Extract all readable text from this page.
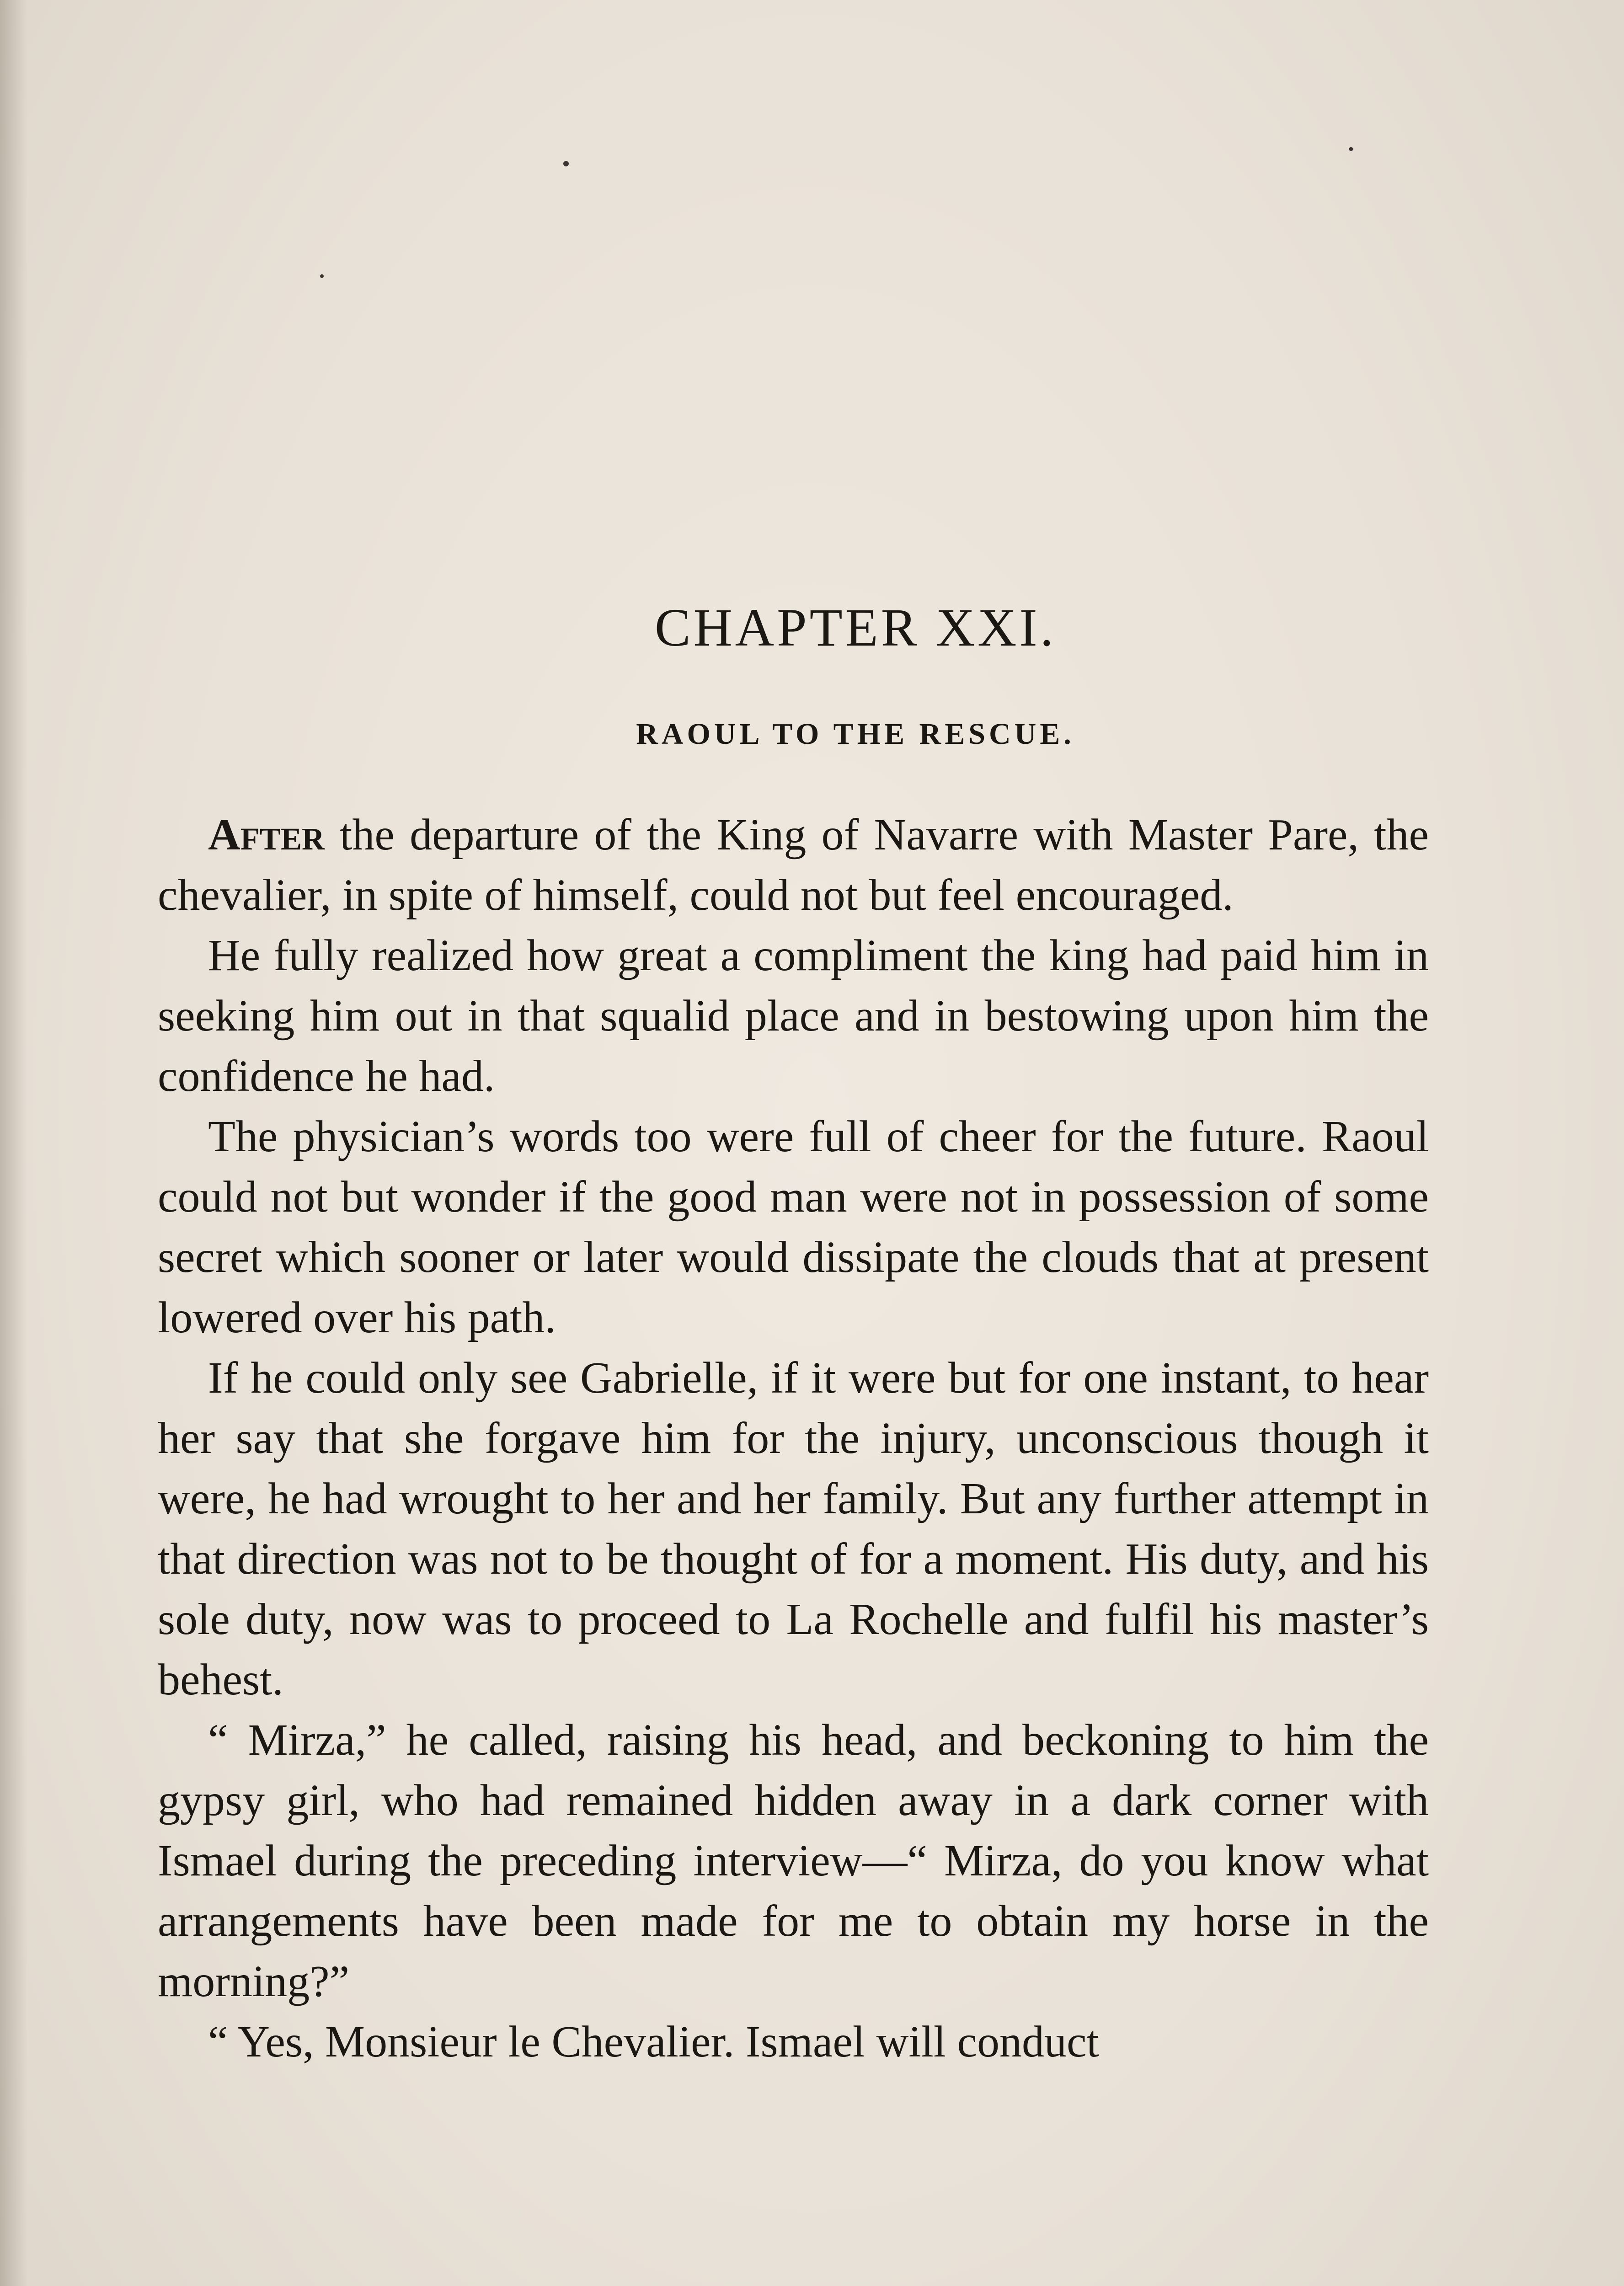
CHAPTER XXI.
RAOUL TO THE RESCUE.

After the departure of the King of Navarre with Master Pare, the chevalier, in spite of himself, could not but feel encouraged.

He fully realized how great a compliment the king had paid him in seeking him out in that squalid place and in bestowing upon him the confidence he had.

The physician’s words too were full of cheer for the future. Raoul could not but wonder if the good man were not in possession of some secret which sooner or later would dissipate the clouds that at present lowered over his path.

If he could only see Gabrielle, if it were but for one instant, to hear her say that she forgave him for the injury, unconscious though it were, he had wrought to her and her family. But any further attempt in that direction was not to be thought of for a moment. His duty, and his sole duty, now was to proceed to La Rochelle and fulfil his master’s behest.

“ Mirza,” he called, raising his head, and beckoning to him the gypsy girl, who had remained hidden away in a dark corner with Ismael during the preceding interview—“ Mirza, do you know what arrangements have been made for me to obtain my horse in the morning?”

“ Yes, Monsieur le Chevalier. Ismael will conduct
